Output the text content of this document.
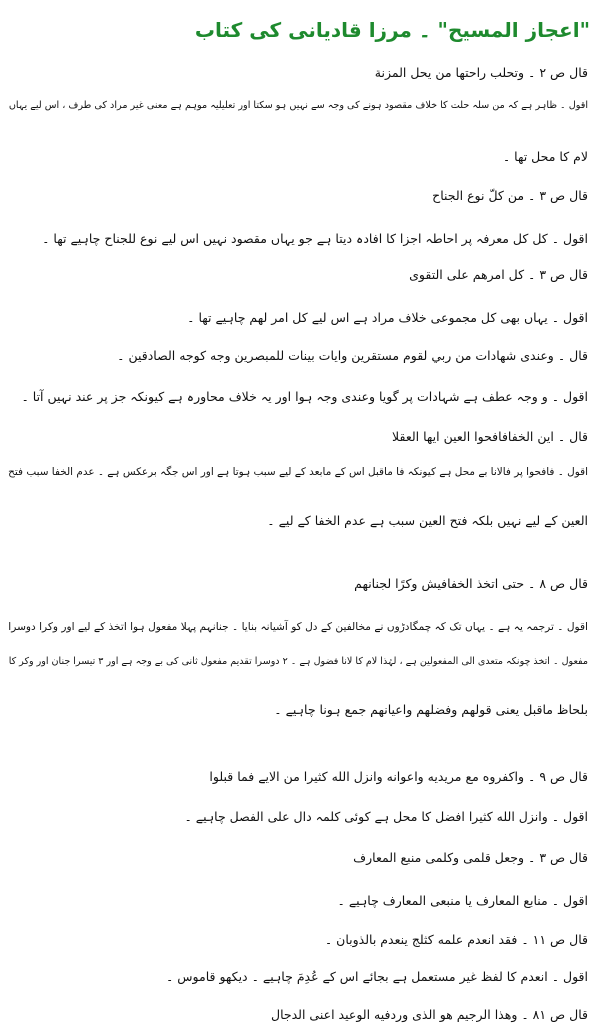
"اعجاز المسیح" ۔ مرزا قادیانی کی کتاب
قال ص ٢ ۔ وتحلب راحتها من يحل المزنة
اقول ۔ ظاہر ہے کہ من سلہ حلت کا خلاف مقصود ہونے کی وجہ سے نہیں ہو سکتا اور تعلیلیہ موہم ہے معنی غیر مراد کی طرف ، اس لیے یہاں
لام کا محل تھا ۔
قال ص ٣ ۔ من كلّ نوع الجناح
اقول ۔ کل کل معرفہ پر احاطہ اجزا کا افادہ دیتا ہے جو یہاں مقصود نہیں اس لیے نوع للجناح چاہیے تھا ۔
قال ص ٣ ۔ كل امرهم على التقوى
اقول ۔ یہاں بھی کل مجموعی خلاف مراد ہے اس لیے کل امر لهم چاہیے تھا ۔
قال ۔ وعندى شهادات من ربي لقوم مستقرين وايات بينات للمبصرين وجه كوجه الصادقين ۔
اقول ۔ و وجہ عطف ہے شہادات پر گویا وعندی وجہ ہوا اور یہ خلاف محاورہ ہے کیونکہ جز پر عند نہیں آتا ۔
قال ۔ اين الخفافافحوا العين ايها العقلا
اقول ۔ فافحوا پر فالانا بے محل ہے کیونکہ فا ماقبل اس کے مابعد کے لیے سبب ہوتا ہے اور اس جگہ برعکس ہے ۔ عدم الخفا سبب فتح
العین کے لیے نہیں بلکہ فتح العین سبب ہے عدم الخفا کے لیے ۔
قال ص ٨ ۔ حتى اتخذ الخفافيش وكرًا لجنانهم
اقول ۔ ترجمہ یہ ہے ۔ یہاں تک کہ چمگادڑوں نے مخالفین کے دل کو آشیانہ بنایا ۔ جنانہم پہلا مفعول ہوا اتخذ کے لیے اور وکرا دوسرا
مفعول ۔ اتخذ چونکہ متعدی الی المفعولین ہے ، لہٰذا لام کا لانا فضول ہے ۔ ٢ دوسرا تقدیم مفعول ثانی کی بے وجہ ہے اور ٣ تیسرا جنان اور وکر کا
بلحاظ ماقبل یعنی قولهم وفضلهم واعيانهم جمع ہونا چاہیے ۔
قال ص ٩ ۔ واكفروه مع مريديه واعوانه وانزل الله كثيرا من الايے فما قبلوا
اقول ۔ وانزل الله كثيرا افضل کا محل ہے کوئی کلمہ دال علی الفصل چاہیے ۔
قال ص ٣ ۔ وجعل قلمى وكلمى منبع المعارف
اقول ۔ منابع المعارف يا منبعى المعارف چاہیے ۔
قال ص ١١ ۔ فقد انعدم علمه كثلج ينعدم بالذوبان ۔
اقول ۔ انعدم کا لفظ غیر مستعمل ہے بجائے اس کے عُدِمَ چاہیے ۔ دیکھو قاموس ۔
قال ص ٨١ ۔ وهذا الرجيم هو الذى وردفيه الوعيد اعنى الدجال
